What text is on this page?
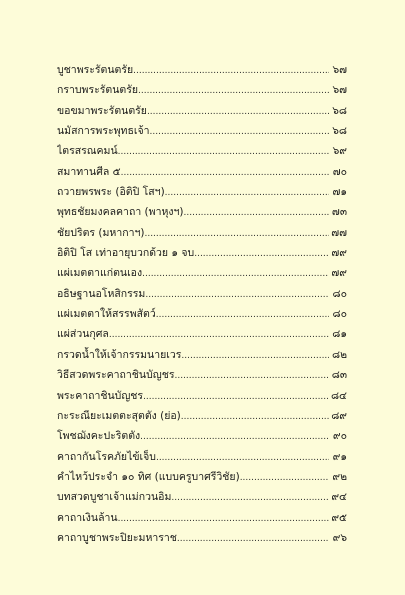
บูชาพระรัตนตรัย .....	๖๗
กราบพระรัตนตรัย .....	๖๗
ขอขมาพระรัตนตรัย .....	๖๘
นมัสการพระพุทธเจ้า .....	๖๘
ไตรสรณคมน์ .....	๖๙
สมาทานศีล ๕ .....	๗๐
ถวายพรพระ (อิติปิ โสฯ) .....	๗๑
พุทธชัยมงคลคาถา (พาหุงฯ) .....	๗๓
ชัยปริตร (มหากาฯ) .....	๗๗
อิติปิ โส เท่าอายุบวกด้วย ๑ จบ .....	๗๙
แผ่เมตตาแก่ตนเอง .....	๗๙
อธิษฐานอโหสิกรรม .....	๘๐
แผ่เมตตาให้สรรพสัตว์ .....	๘๐
แผ่ส่วนกุศล .....	๘๑
กรวดน้ำให้เจ้ากรรมนายเวร .....	๘๒
วิธีสวดพระคาถาชินบัญชร .....	๘๓
พระคาถาชินบัญชร .....	๘๔
กะระณียะเมตตะสุตตัง (ย่อ) .....	๘๙
โพชฌังคะปะริตตัง .....	๙๐
คาถากันโรคภัยไข้เจ็บ .....	๙๑
คำไหว้ประจำ ๑๐ ทิศ (แบบครูบาศรีวิชัย) .....	๙๒
บทสวดบูชาเจ้าแม่กวนอิม .....	๙๔
คาถาเงินล้าน .....	๙๕
คาถาบูชาพระปิยะมหาราช .....	๙๖
